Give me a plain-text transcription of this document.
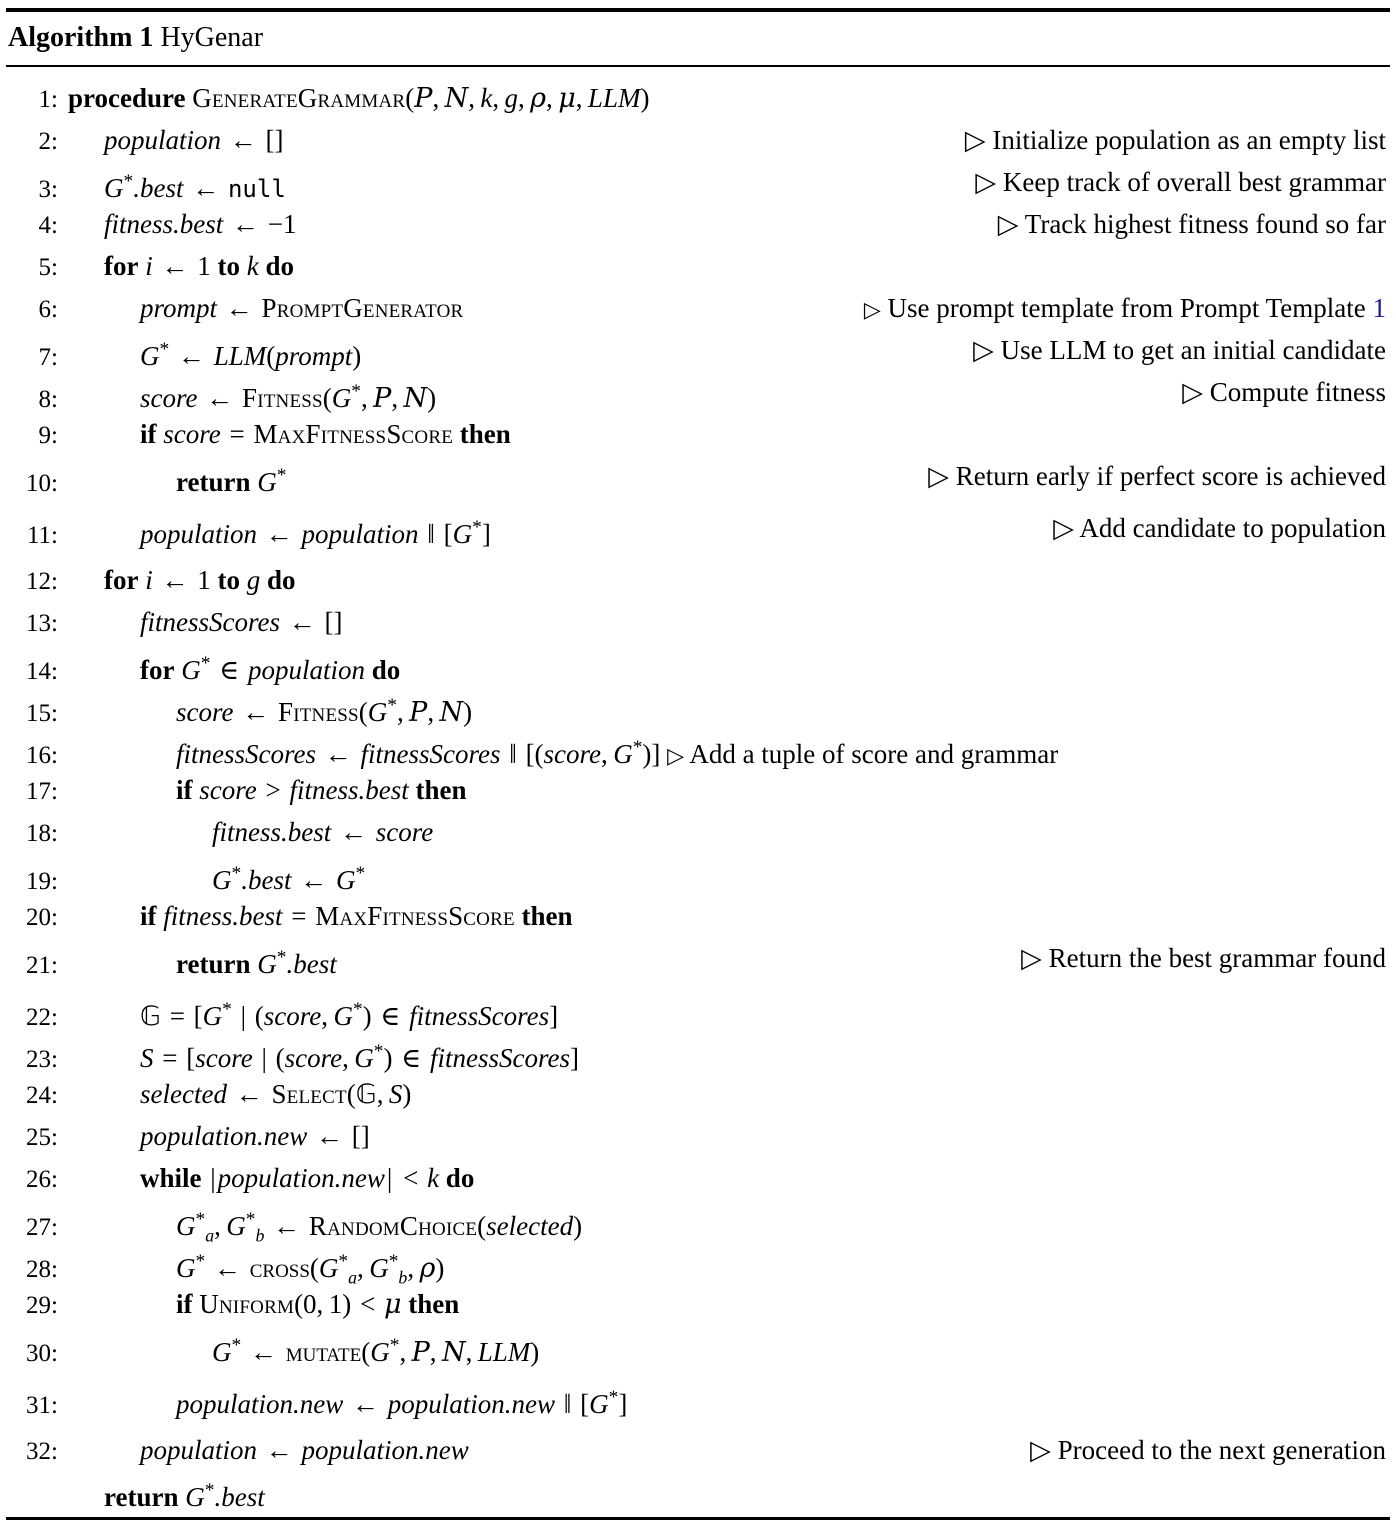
Algorithm 1 HyGenar
1: procedure GenerateGrammar(P, N, k, g, ρ, μ, LLM)
2:	population ← []	▷ Initialize population as an empty list
3:	G*.best ← null	▷ Keep track of overall best grammar
4:	fitness.best ← −1	▷ Track highest fitness found so far
5:	for i ← 1 to k do
6:	prompt ← PromptGenerator	▷ Use prompt template from Prompt Template 1
7:	G* ← LLM(prompt)	▷ Use LLM to get an initial candidate
8:	score ← Fitness(G*, P, N)	▷ Compute fitness
9:	if score = MaxFitnessScore then
10:	return G*	▷ Return early if perfect score is achieved
11:	population ← population ‖ [G*]	▷ Add candidate to population
12:	for i ← 1 to g do
13:	fitnessScores ← []
14:	for G* ∈ population do
15:	score ← Fitness(G*, P, N)
16:	fitnessScores ← fitnessScores ‖ [(score, G*)] ▷ Add a tuple of score and grammar
17:	if score > fitness.best then
18:	fitness.best ← score
19:	G*.best ← G*
20:	if fitness.best = MaxFitnessScore then
21:	return G*.best	▷ Return the best grammar found
22:	𝔾 = [G* | (score, G*) ∈ fitnessScores]
23:	S = [score | (score, G*) ∈ fitnessScores]
24:	selected ← Select(𝔾, S)
25:	population.new ← []
26:	while |population.new| < k do
27:	$G^*_a$, $G^*_b$ ← RandomChoice(selected)
28:	G* ← $cross(G^*_a$, $G^*_b$, ρ)
29:	if Uniform(0, 1) < μ then
30:	G* ← mutate(G*, P, N, LLM)
31:	population.new ← population.new ‖ [G*]
32:	population ← population.new	▷ Proceed to the next generation
return G*.best
